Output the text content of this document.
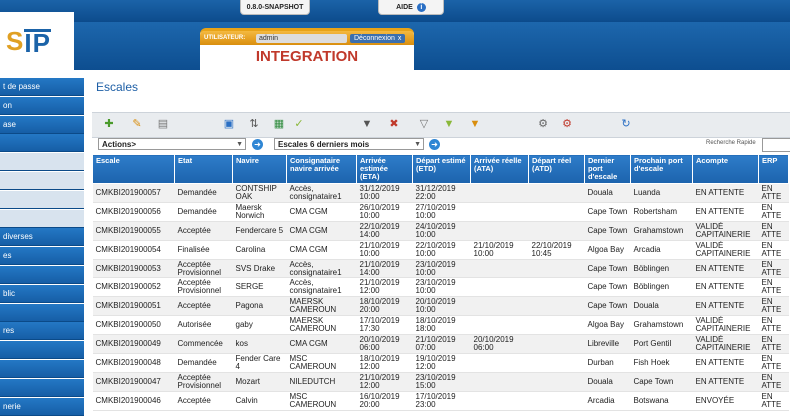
0.8.0-SNAPSHOT	AIDE	i
S IP	UTILISATEUR:	admin	Déconnexion x
INTEGRATION
t de passe
on
ase
diverses
es
blic
res
nerie
Escales
✚ ✎ ▤	▣ ⇅ ▦ ✓	▼ ✖ ▽ ▼ ▼	⚙ ⚙	↻
Actions>	▼ ➜	Escales 6 derniers mois	▼ ➜	Recherche Rapide
Escale	Etat	Navire	Consignataire navire arrivée	Arrivée estimée (ETA)	Départ estimé (ETD)	Arrivée réelle (ATA)	Départ réel (ATD)	Dernier port d'escale	Prochain port d'escale	Acompte	ERP
CMKBI201900057	Demandée	CONTSHIP OAK	Accès, consignataire1	31/12/2019 10:00	31/12/2019 22:00			Douala	Luanda	EN ATTENTE	EN ATTE
CMKBI201900056	Demandée	Maersk Norwich	CMA CGM	26/10/2019 10:00	27/10/2019 10:00			Cape Town	Robertsham	EN ATTENTE	EN ATTE
CMKBI201900055	Acceptée	Fendercare 5	CMA CGM	22/10/2019 14:00	24/10/2019 10:00			Cape Town	Grahamstown	VALIDÉ CAPITAINERIE	EN ATTE
CMKBI201900054	Finalisée	Carolina	CMA CGM	21/10/2019 10:00	22/10/2019 10:00	21/10/2019 10:00	22/10/2019 10:45	Algoa Bay	Arcadia	VALIDÉ CAPITAINERIE	EN ATTE
CMKBI201900053	Acceptée Provisionnel	SVS Drake	Accès, consignataire1	21/10/2019 14:00	23/10/2019 10:00			Cape Town	Böblingen	EN ATTENTE	EN ATTE
CMKBI201900052	Acceptée Provisionnel	SERGE	Accès, consignataire1	21/10/2019 12:00	23/10/2019 10:00			Cape Town	Böblingen	EN ATTENTE	EN ATTE
CMKBI201900051	Acceptée	Pagona	MAERSK CAMEROUN	18/10/2019 20:00	20/10/2019 10:00			Cape Town	Douala	EN ATTENTE	EN ATTE
CMKBI201900050	Autorisée	gaby	MAERSK CAMEROUN	17/10/2019 17:30	18/10/2019 18:00			Algoa Bay	Grahamstown	VALIDÉ CAPITAINERIE	EN ATTE
CMKBI201900049	Commencée	kos	CMA CGM	20/10/2019 06:00	21/10/2019 07:00	20/10/2019 06:00		Libreville	Port Gentil	VALIDÉ CAPITAINERIE	EN ATTE
CMKBI201900048	Demandée	Fender Care 4	MSC CAMEROUN	18/10/2019 12:00	19/10/2019 12:00			Durban	Fish Hoek	EN ATTENTE	EN ATTE
CMKBI201900047	Acceptée Provisionnel	Mozart	NILEDUTCH	21/10/2019 12:00	23/10/2019 15:00			Douala	Cape Town	EN ATTENTE	EN ATTE
CMKBI201900046	Acceptée	Calvin	MSC CAMEROUN	16/10/2019 20:00	17/10/2019 23:00			Arcadia	Botswana	ENVOYÉE	EN ATTE
